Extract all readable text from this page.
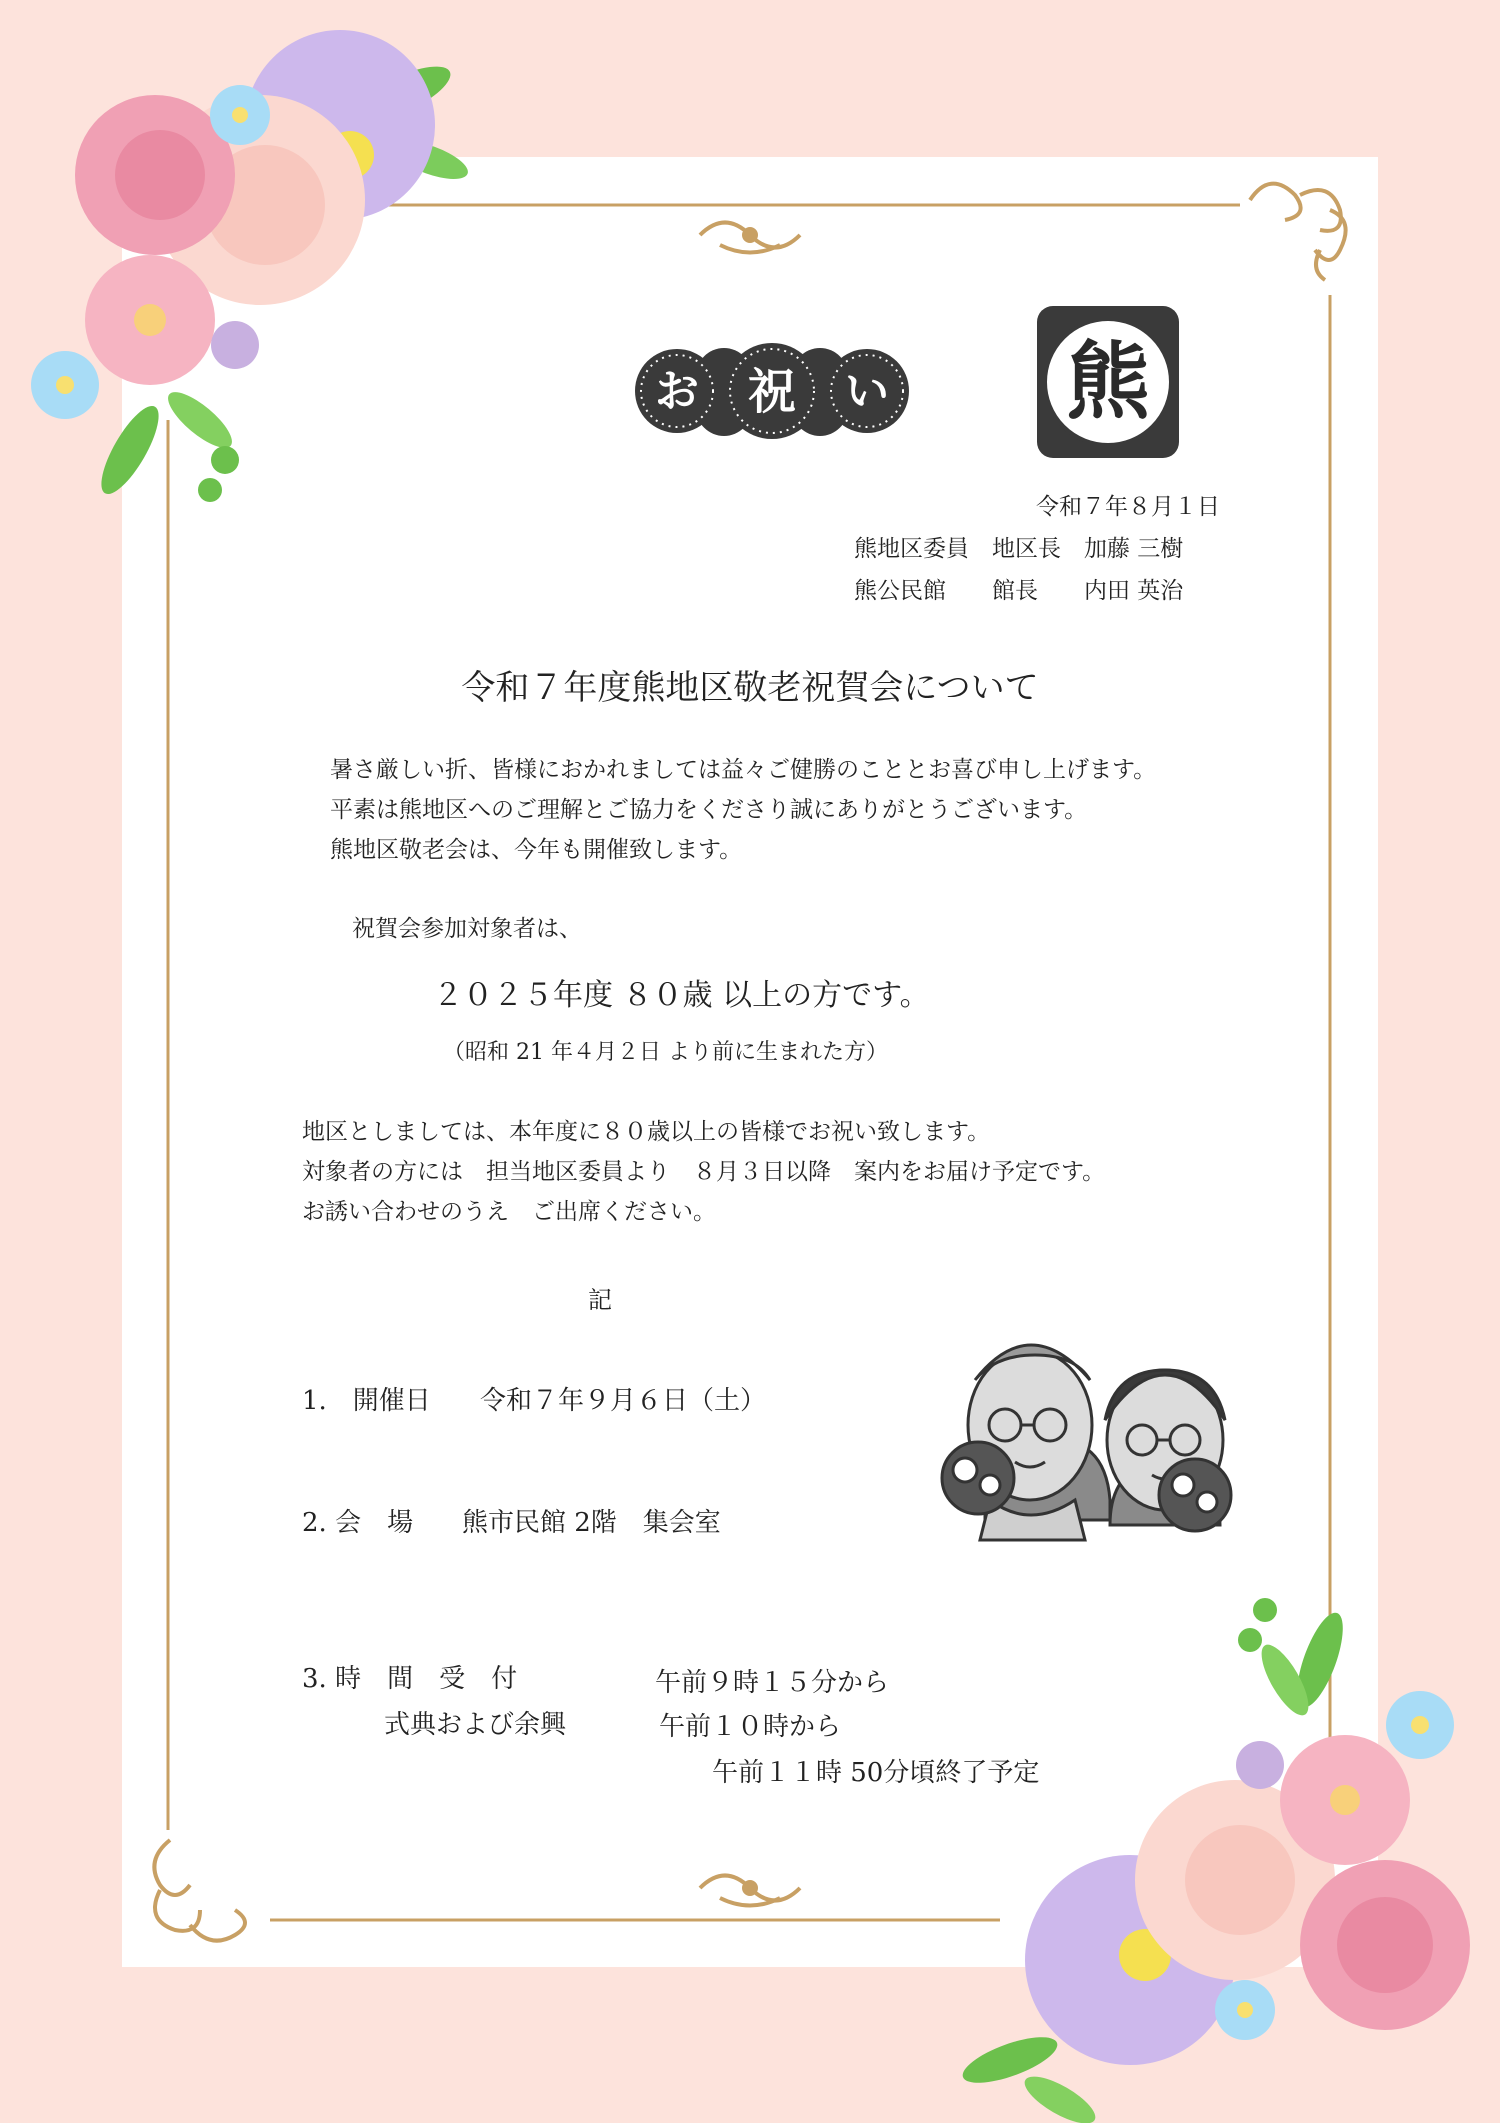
お 祝 い 熊
令和７年８月１日
熊地区委員　地区長　加藤 三樹
熊公民館　　館長　　内田 英治
令和７年度熊地区敬老祝賀会について
暑さ厳しい折、皆様におかれましては益々ご健勝のこととお喜び申し上げます。
平素は熊地区へのご理解とご協力をくださり誠にありがとうございます。
熊地区敬老会は、今年も開催致します。
祝賀会参加対象者は、
２０２５年度 ８０歳 以上の方です。
（昭和 21 年４月２日 より前に生まれた方）
地区としましては、本年度に８０歳以上の皆様でお祝い致します。
対象者の方には　担当地区委員より　８月３日以降　案内をお届け予定です。
お誘い合わせのうえ　ご出席ください。
記
1.　開催日 令和７年９月６日（土）
2. 会　場 熊市民館 2階　集会室
3. 時　間　受　付	午前９時１５分から
式典および余興	午前１０時から
午前１１時 50分頃終了予定
